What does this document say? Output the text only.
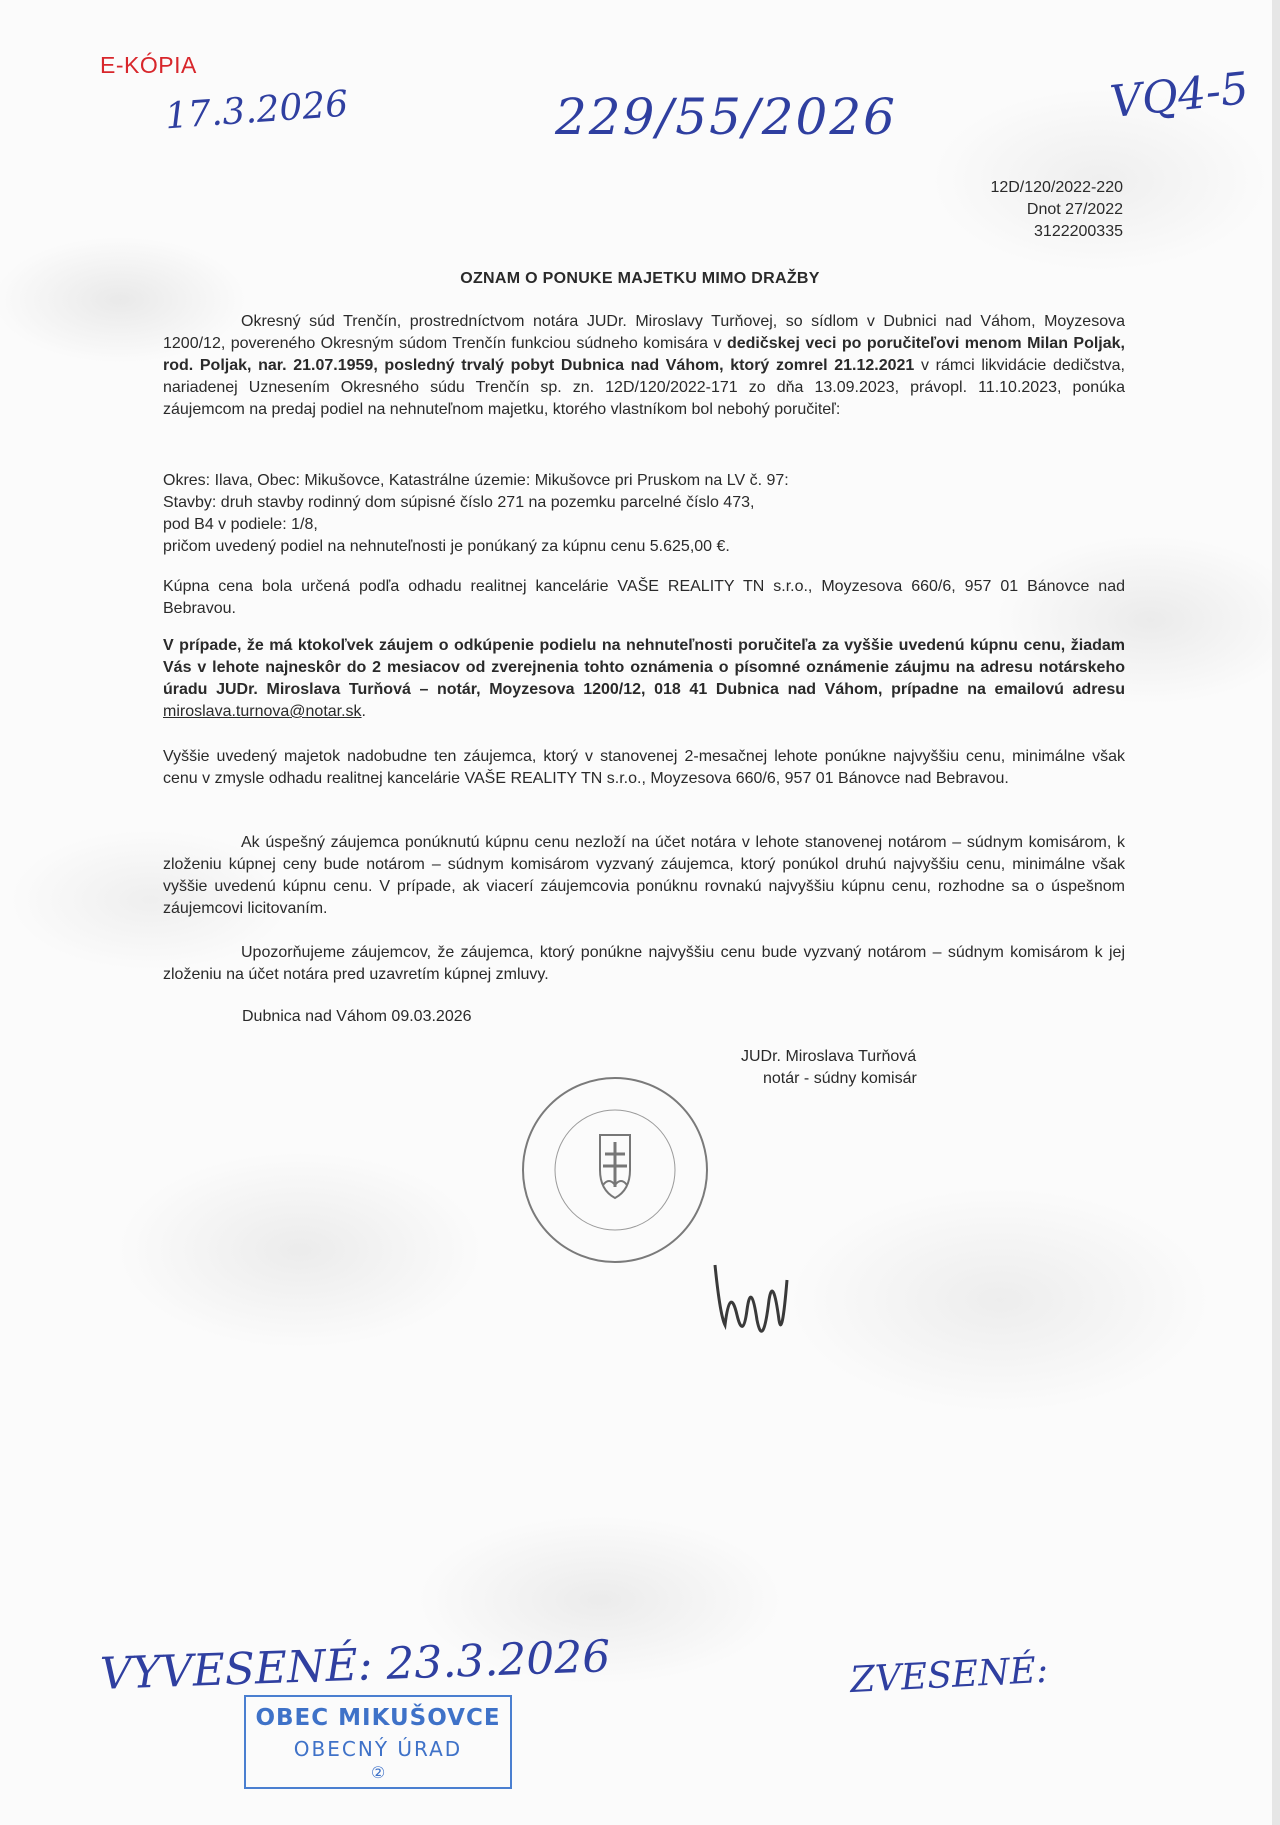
E-KÓPIA
17.3.2026	229/55/2026	VQ4-5
12D/120/2022-220
Dnot 27/2022
3122200335
OZNAM O PONUKE MAJETKU MIMO DRAŽBY
Okresný súd Trenčín, prostredníctvom notára JUDr. Miroslavy Turňovej, so sídlom v Dubnici nad Váhom, Moyzesova 1200/12, povereného Okresným súdom Trenčín funkciou súdneho komisára v dedičskej veci po poručiteľovi menom Milan Poljak, rod. Poljak, nar. 21.07.1959, posledný trvalý pobyt Dubnica nad Váhom, ktorý zomrel 21.12.2021 v rámci likvidácie dedičstva, nariadenej Uznesením Okresného súdu Trenčín sp. zn. 12D/120/2022-171 zo dňa 13.09.2023, právopl. 11.10.2023, ponúka záujemcom na predaj podiel na nehnuteľnom majetku, ktorého vlastníkom bol nebohý poručiteľ:
Okres: Ilava, Obec: Mikušovce, Katastrálne územie: Mikušovce pri Pruskom na LV č. 97:
Stavby: druh stavby rodinný dom súpisné číslo 271 na pozemku parcelné číslo 473,
pod B4 v podiele: 1/8,
pričom uvedený podiel na nehnuteľnosti je ponúkaný za kúpnu cenu 5.625,00 €.
Kúpna cena bola určená podľa odhadu realitnej kancelárie VAŠE REALITY TN s.r.o., Moyzesova 660/6, 957 01 Bánovce nad Bebravou.
V prípade, že má ktokoľvek záujem o odkúpenie podielu na nehnuteľnosti poručiteľa za vyššie uvedenú kúpnu cenu, žiadam Vás v lehote najneskôr do 2 mesiacov od zverejnenia tohto oznámenia o písomné oznámenie záujmu na adresu notárskeho úradu JUDr. Miroslava Turňová – notár, Moyzesova 1200/12, 018 41 Dubnica nad Váhom, prípadne na emailovú adresu miroslava.turnova@notar.sk.
Vyššie uvedený majetok nadobudne ten záujemca, ktorý v stanovenej 2-mesačnej lehote ponúkne najvyššiu cenu, minimálne však cenu v zmysle odhadu realitnej kancelárie VAŠE REALITY TN s.r.o., Moyzesova 660/6, 957 01 Bánovce nad Bebravou.
Ak úspešný záujemca ponúknutú kúpnu cenu nezloží na účet notára v lehote stanovenej notárom – súdnym komisárom, k zloženiu kúpnej ceny bude notárom – súdnym komisárom vyzvaný záujemca, ktorý ponúkol druhú najvyššiu cenu, minimálne však vyššie uvedenú kúpnu cenu. V prípade, ak viacerí záujemcovia ponúknu rovnakú najvyššiu kúpnu cenu, rozhodne sa o úspešnom záujemcovi licitovaním.
Upozorňujeme záujemcov, že záujemca, ktorý ponúkne najvyššiu cenu bude vyzvaný notárom – súdnym komisárom k jej zloženiu na účet notára pred uzavretím kúpnej zmluvy.
Dubnica nad Váhom 09.03.2026
JUDr. Miroslava Turňová
notár - súdny komisár
VYVESENÉ: 23.3.2026	ZVESENÉ:
OBEC MIKUŠOVCE
OBECNÝ ÚRAD
②
